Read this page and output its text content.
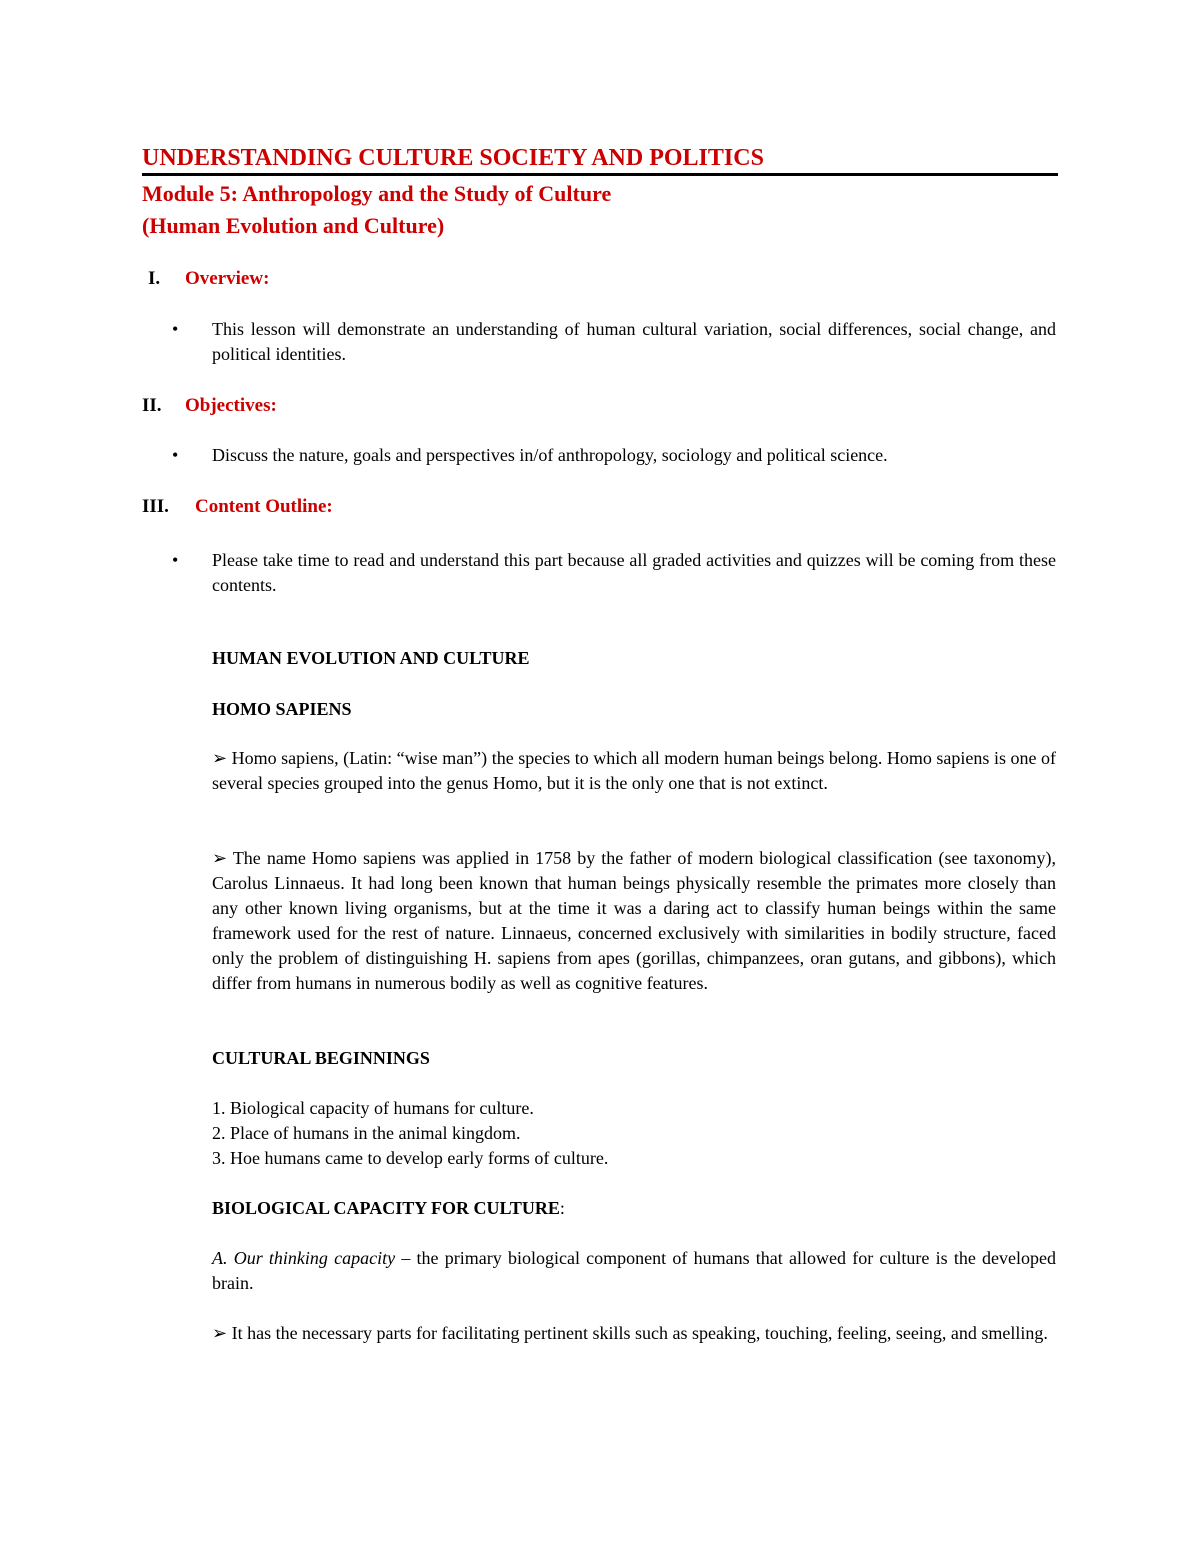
UNDERSTANDING CULTURE SOCIETY AND POLITICS
Module 5: Anthropology and the Study of Culture
(Human Evolution and Culture)
I. Overview:
• This lesson will demonstrate an understanding of human cultural variation, social differences, social change, and political identities.
II. Objectives:
• Discuss the nature, goals and perspectives in/of anthropology, sociology and political science.
III. Content Outline:
• Please take time to read and understand this part because all graded activities and quizzes will be coming from these contents.
HUMAN EVOLUTION AND CULTURE
HOMO SAPIENS
➢ Homo sapiens, (Latin: “wise man”) the species to which all modern human beings belong. Homo sapiens is one of several species grouped into the genus Homo, but it is the only one that is not extinct.
➢ The name Homo sapiens was applied in 1758 by the father of modern biological classification (see taxonomy), Carolus Linnaeus. It had long been known that human beings physically resemble the primates more closely than any other known living organisms, but at the time it was a daring act to classify human beings within the same framework used for the rest of nature. Linnaeus, concerned exclusively with similarities in bodily structure, faced only the problem of distinguishing H. sapiens from apes (gorillas, chimpanzees, oran gutans, and gibbons), which differ from humans in numerous bodily as well as cognitive features.
CULTURAL BEGINNINGS
1. Biological capacity of humans for culture.
2. Place of humans in the animal kingdom.
3. Hoe humans came to develop early forms of culture.
BIOLOGICAL CAPACITY FOR CULTURE:
A. Our thinking capacity – the primary biological component of humans that allowed for culture is the developed brain.
➢ It has the necessary parts for facilitating pertinent skills such as speaking, touching, feeling, seeing, and smelling.
